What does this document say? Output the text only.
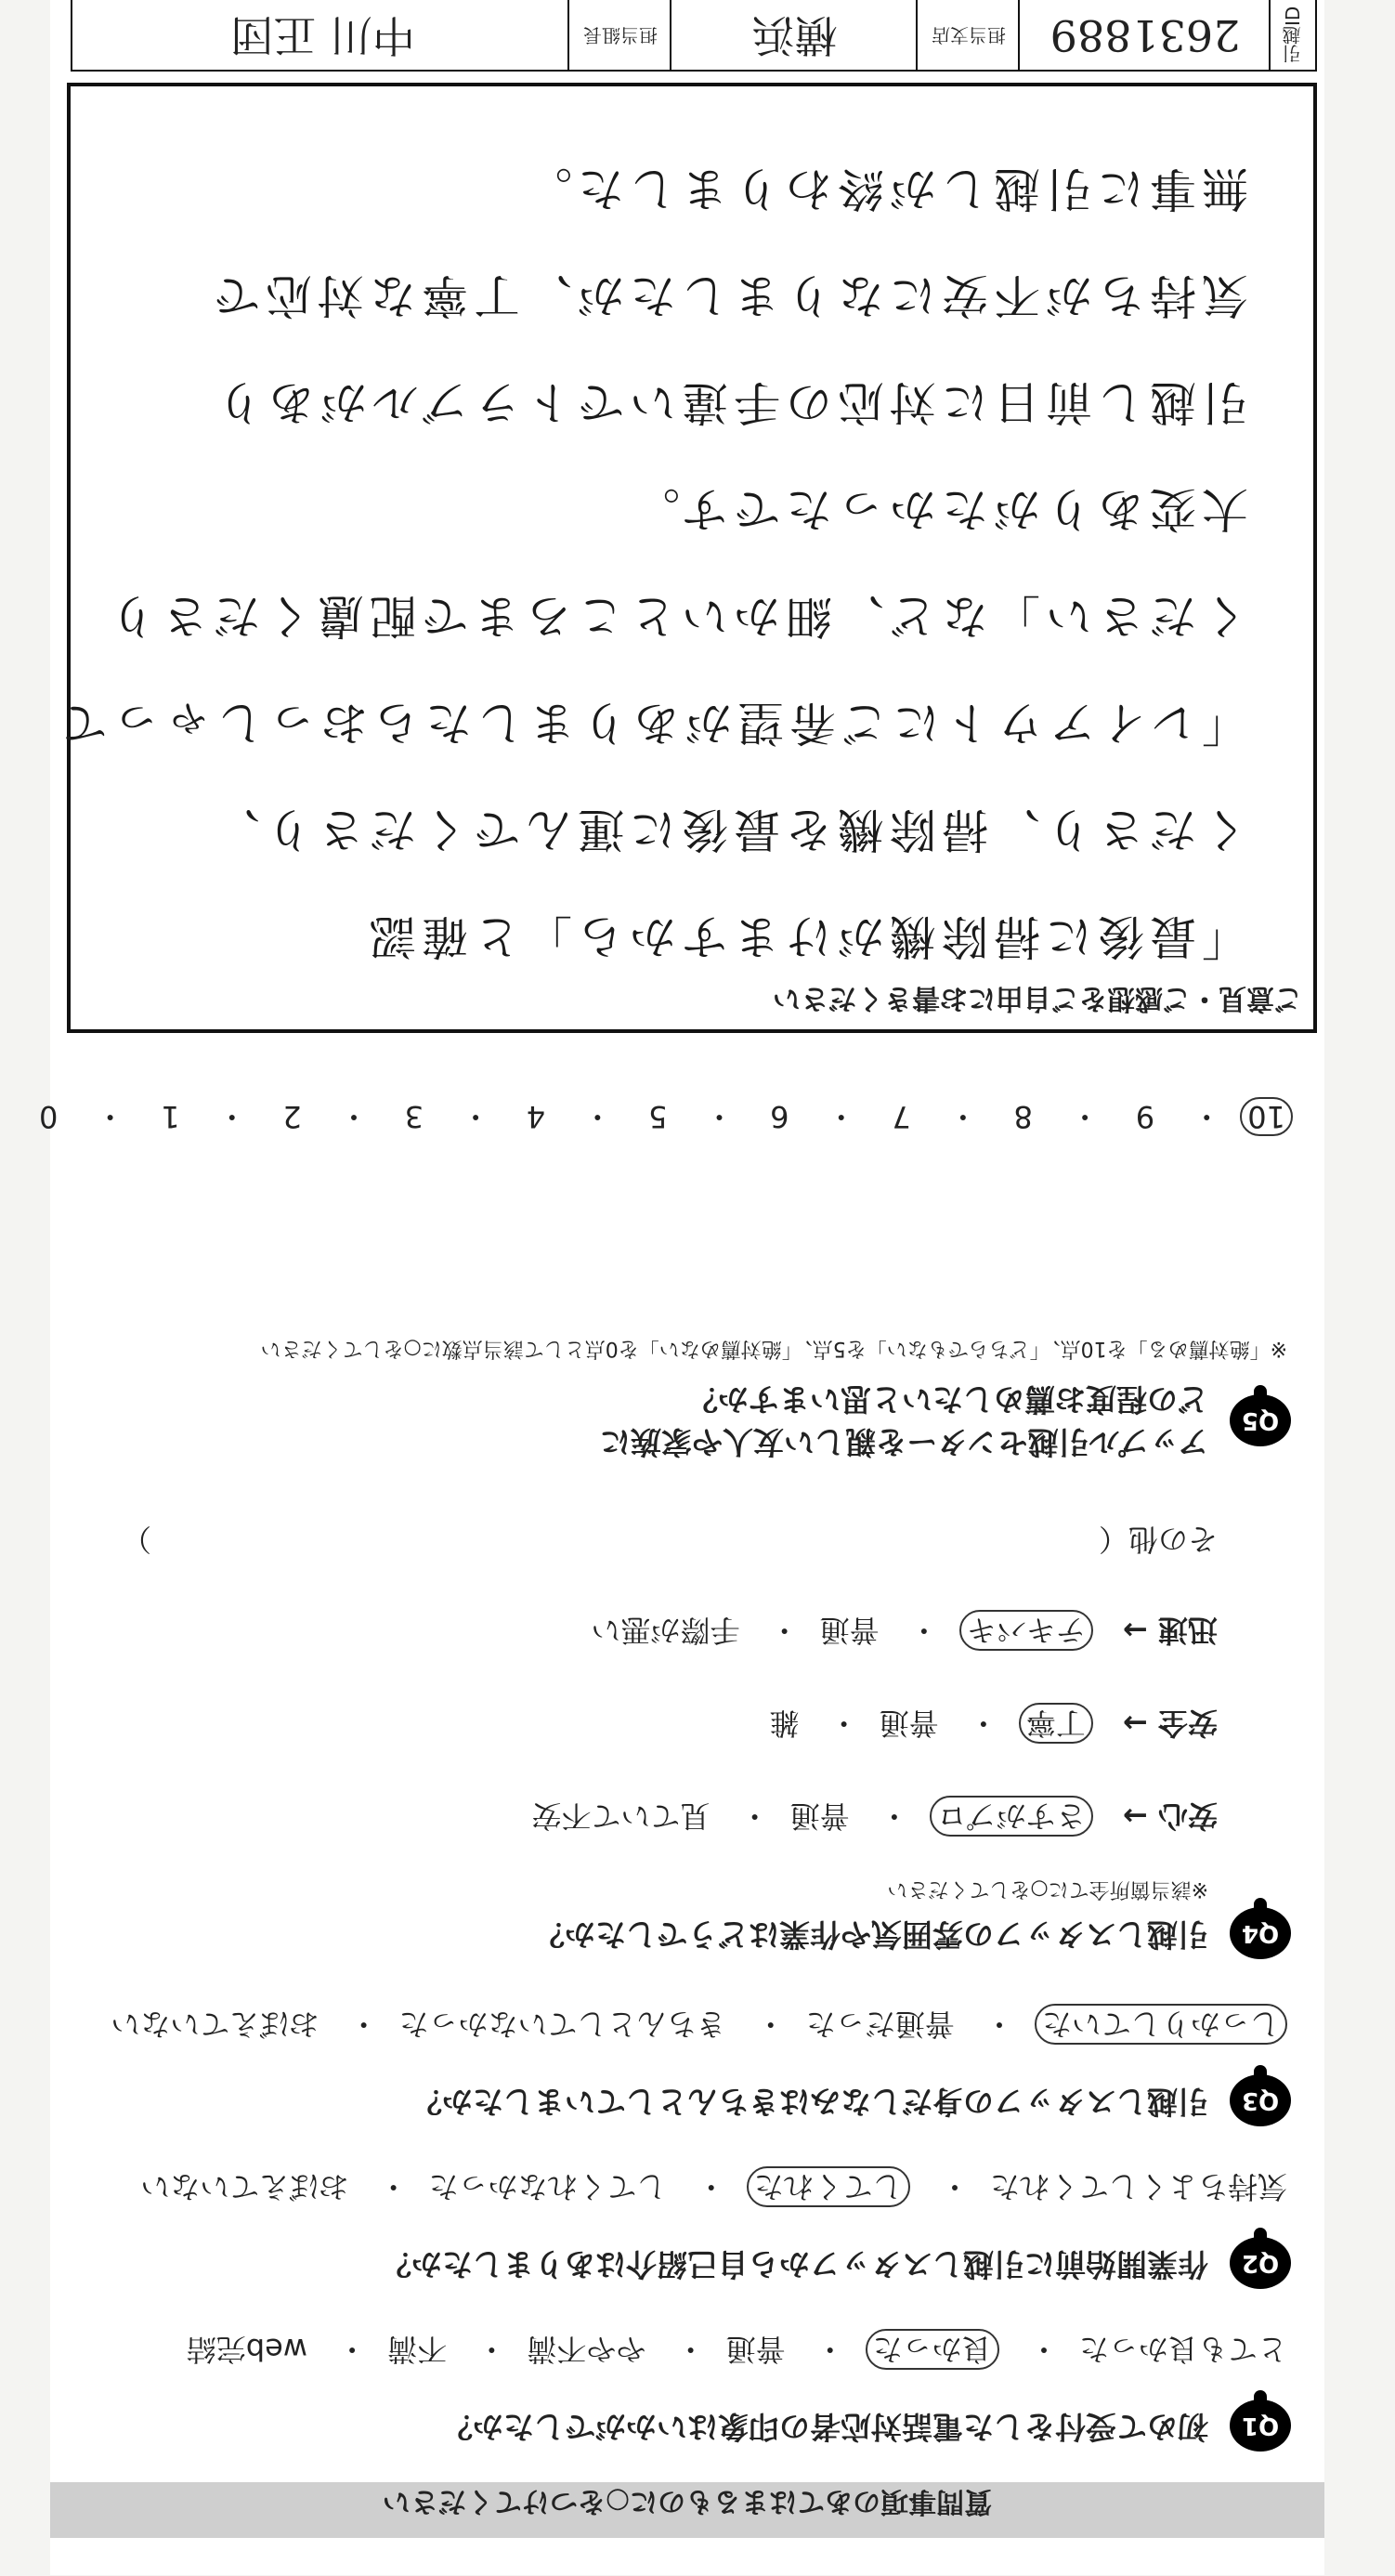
質問事項のあてはまるものに○をつけてください
Q1
初めて受付をした電話対応者の印象はいかがでしたか？
とても良かった・ 良かった・ 普通・ やや不満・ 不満・ web完結
Q2
作業開始前に引越しスタッフから自己紹介はありましたか？
気持ちよくしてくれた・ してくれた・ してくれなかった・ おぼえていない
Q3
引越しスタッフの身だしなみはきちんとしていましたか？
しっかりしていた・ 普通だった・ きちんとしていなかった・ おぼえていない
Q4
引越しスタッフの雰囲気や作業はどうでしたか？
※該当箇所全てに○をしてください
安心 → さすがプロ・ 普通・ 見ていて不安
安全 → 丁寧・ 普通・ 雑
迅速 → テキパキ・ 普通・ 手際が悪い
その他（
）
Q5
アップル引越センターを親しい友人や家族に
どの程度お薦めしたいと思いますか？
※「絶対薦める」を10点、「どちらでもない」を5点、「絶対薦めない」を0点として該当点数に○をしてください
10・ 9・ 8・ 7・ 6・ 5・ 4・ 3・ 2・ 1・ 0
ご意見・ご感想をご自由にお書きください
「最後に掃除機がけますから」と確認
くださり、掃除機を最後に運んでくださり、
「レイアウトにご希望がありましたらおっしゃって
ください」など、細かいところまで配慮くださり
大変ありがたかったです。
引越し前日に対応の手違いでトラブルがあり
気持ちが不安になりましたが、丁寧な対応で
無事に引越しが終わりました。
引越ID
2631889
担当支店
横浜
担当組長
中川 正団
